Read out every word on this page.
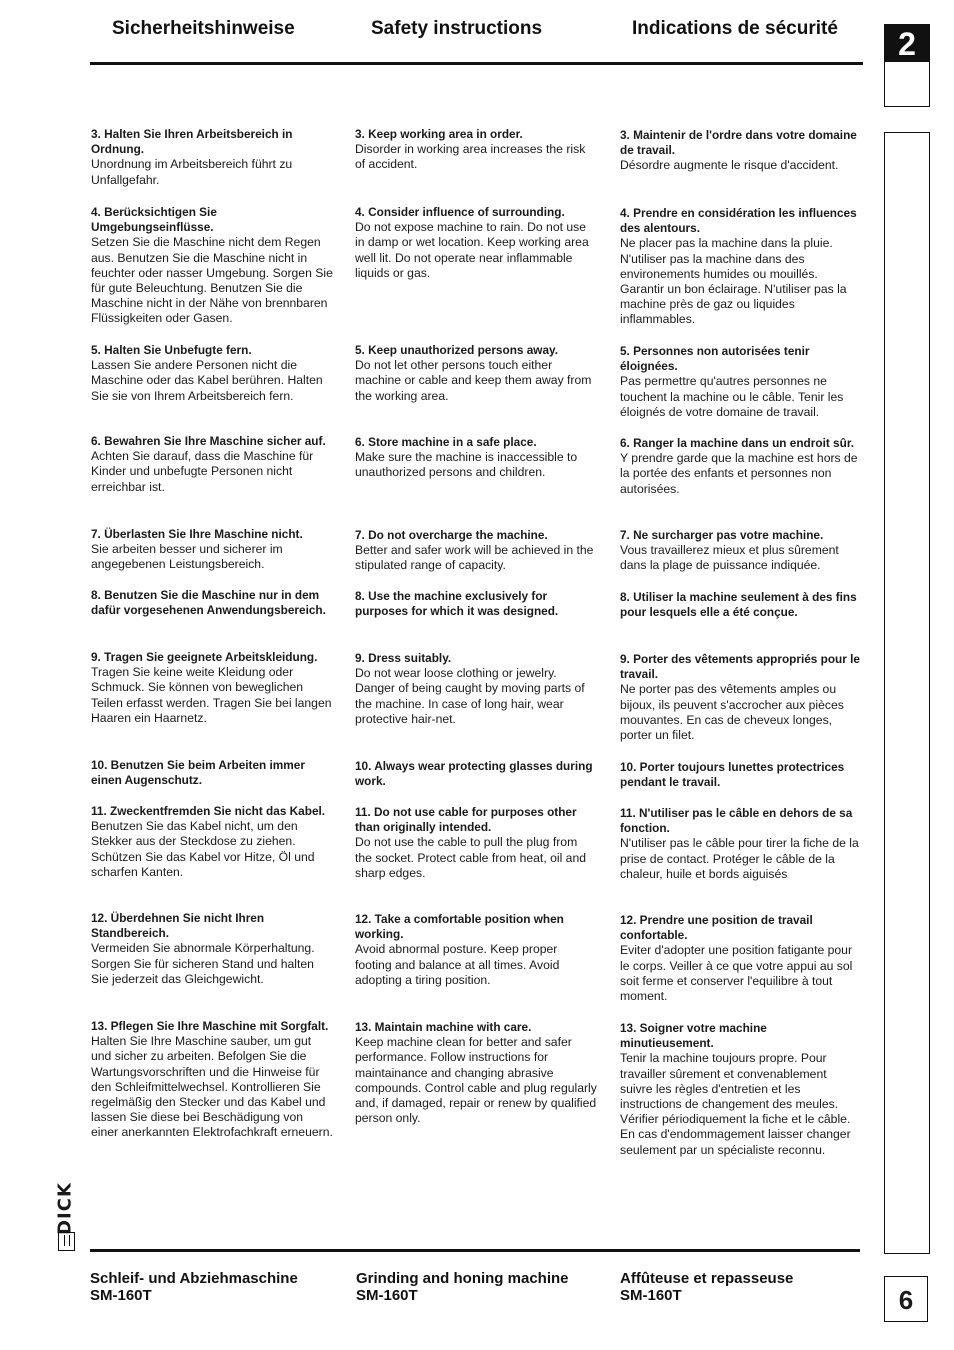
Sicherheitshinweise	Safety instructions	Indications de sécurité	2
6
3. Halten Sie Ihren Arbeitsbereich in Ordnung.
Unordnung im Arbeitsbereich führt zu Unfallgefahr.
4. Berücksichtigen Sie Umgebungseinflüsse.
Setzen Sie die Maschine nicht dem Regen aus. Benutzen Sie die Maschine nicht in feuchter oder nasser Umgebung. Sorgen Sie für gute Beleuchtung. Benutzen Sie die Maschine nicht in der Nähe von brennbaren Flüssigkeiten oder Gasen.
5. Halten Sie Unbefugte fern.
Lassen Sie andere Personen nicht die Maschine oder das Kabel berühren. Halten Sie sie von Ihrem Arbeitsbereich fern.
6. Bewahren Sie Ihre Maschine sicher auf.
Achten Sie darauf, dass die Maschine für Kinder und unbefugte Personen nicht erreichbar ist.
7. Überlasten Sie Ihre Maschine nicht.
Sie arbeiten besser und sicherer im angegebenen Leistungsbereich.
8. Benutzen Sie die Maschine nur in dem dafür vorgesehenen Anwendungsbereich.
9. Tragen Sie geeignete Arbeitskleidung.
Tragen Sie keine weite Kleidung oder Schmuck. Sie können von beweglichen Teilen erfasst werden. Tragen Sie bei langen Haaren ein Haarnetz.
10. Benutzen Sie beim Arbeiten immer einen Augenschutz.
11. Zweckentfremden Sie nicht das Kabel.
Benutzen Sie das Kabel nicht, um den Stekker aus der Steckdose zu ziehen. Schützen Sie das Kabel vor Hitze, Öl und scharfen Kanten.
12. Überdehnen Sie nicht Ihren Standbereich.
Vermeiden Sie abnormale Körperhaltung. Sorgen Sie für sicheren Stand und halten Sie jederzeit das Gleichgewicht.
13. Pflegen Sie Ihre Maschine mit Sorgfalt.
Halten Sie Ihre Maschine sauber, um gut und sicher zu arbeiten. Befolgen Sie die Wartungsvorschriften und die Hinweise für den Schleifmittelwechsel. Kontrollieren Sie regelmäßig den Stecker und das Kabel und lassen Sie diese bei Beschädigung von einer anerkannten Elektrofachkraft erneuern.
3. Keep working area in order.
Disorder in working area increases the risk of accident.
4. Consider influence of surrounding.
Do not expose machine to rain. Do not use in damp or wet location. Keep working area well lit. Do not operate near inflammable liquids or gas.
5. Keep unauthorized persons away.
Do not let other persons touch either machine or cable and keep them away from the working area.
6. Store machine in a safe place.
Make sure the machine is inaccessible to unauthorized persons and children.
7. Do not overcharge the machine.
Better and safer work will be achieved in the stipulated range of capacity.
8. Use the machine exclusively for purposes for which it was designed.
9. Dress suitably.
Do not wear loose clothing or jewelry. Danger of being caught by moving parts of the machine. In case of long hair, wear protective hair-net.
10. Always wear protecting glasses during work.
11. Do not use cable for purposes other than originally intended.
Do not use the cable to pull the plug from the socket. Protect cable from heat, oil and sharp edges.
12. Take a comfortable position when working.
Avoid abnormal posture. Keep proper footing and balance at all times. Avoid adopting a tiring position.
13. Maintain machine with care.
Keep machine clean for better and safer performance. Follow instructions for maintainance and changing abrasive compounds. Control cable and plug regularly and, if damaged, repair or renew by qualified person only.
3. Maintenir de l'ordre dans votre domaine de travail.
Désordre augmente le risque d'accident.
4. Prendre en considération les influences des alentours.
Ne placer pas la machine dans la pluie. N'utiliser pas la machine dans des environements humides ou mouillés. Garantir un bon éclairage. N'utiliser pas la machine près de gaz ou liquides inflammables.
5. Personnes non autorisées tenir éloignées.
Pas permettre qu'autres personnes ne touchent la machine ou le câble. Tenir les éloignés de votre domaine de travail.
6. Ranger la machine dans un endroit sûr.
Y prendre garde que la machine est hors de la portée des enfants et personnes non autorisées.
7. Ne surcharger pas votre machine.
Vous travaillerez mieux et plus sûrement dans la plage de puissance indiquée.
8. Utiliser la machine seulement à des fins pour lesquels elle a été conçue.
9. Porter des vêtements appropriés pour le travail.
Ne porter pas des vêtements amples ou bijoux, ils peuvent s'accrocher aux pièces mouvantes. En cas de cheveux longes, porter un filet.
10. Porter toujours lunettes protectrices pendant le travail.
11. N'utiliser pas le câble en dehors de sa fonction.
N'utiliser pas le câble pour tirer la fiche de la prise de contact. Protéger le câble de la chaleur, huile et bords aiguisés
12. Prendre une position de travail confortable.
Eviter d'adopter une position fatigante pour le corps. Veiller à ce que votre appui au sol soit ferme et conserver l'equilibre à tout moment.
13. Soigner votre machine minutieusement.
Tenir la machine toujours propre. Pour travailler sûrement et convenablement suivre les règles d'entretien et les instructions de changement des meules. Vérifier périodiquement la fiche et le câble. En cas d'endommagement laisser changer seulement par un spécialiste reconnu.
DICK
Schleif- und Abziehmaschine
SM-160T
Grinding and honing machine
SM-160T
Affûteuse et repasseuse
SM-160T
